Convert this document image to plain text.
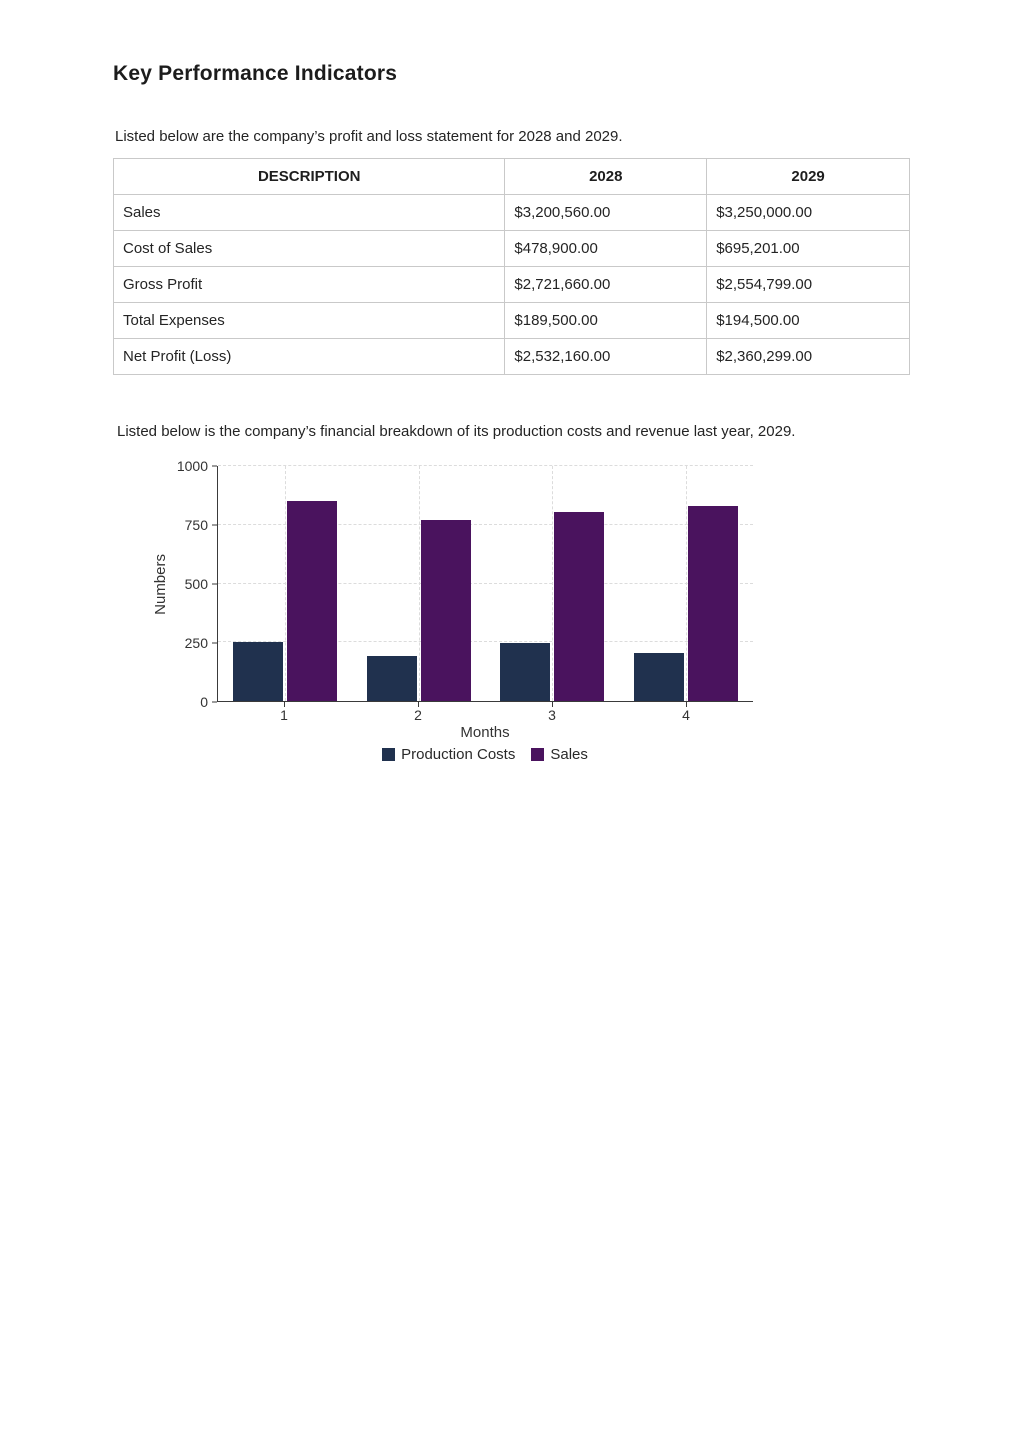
Key Performance Indicators

Listed below are the company’s profit and loss statement for 2028 and 2029.

DESCRIPTION	2028	2029
Sales	$3,200,560.00	$3,250,000.00
Cost of Sales	$478,900.00	$695,201.00
Gross Profit	$2,721,660.00	$2,554,799.00
Total Expenses	$189,500.00	$194,500.00
Net Profit (Loss)	$2,532,160.00	$2,360,299.00

Listed below is the company’s financial breakdown of its production costs and revenue last year, 2029.

Numbers
0
250
500
750
1000
1	2	3	4
Months
Production Costs Sales
